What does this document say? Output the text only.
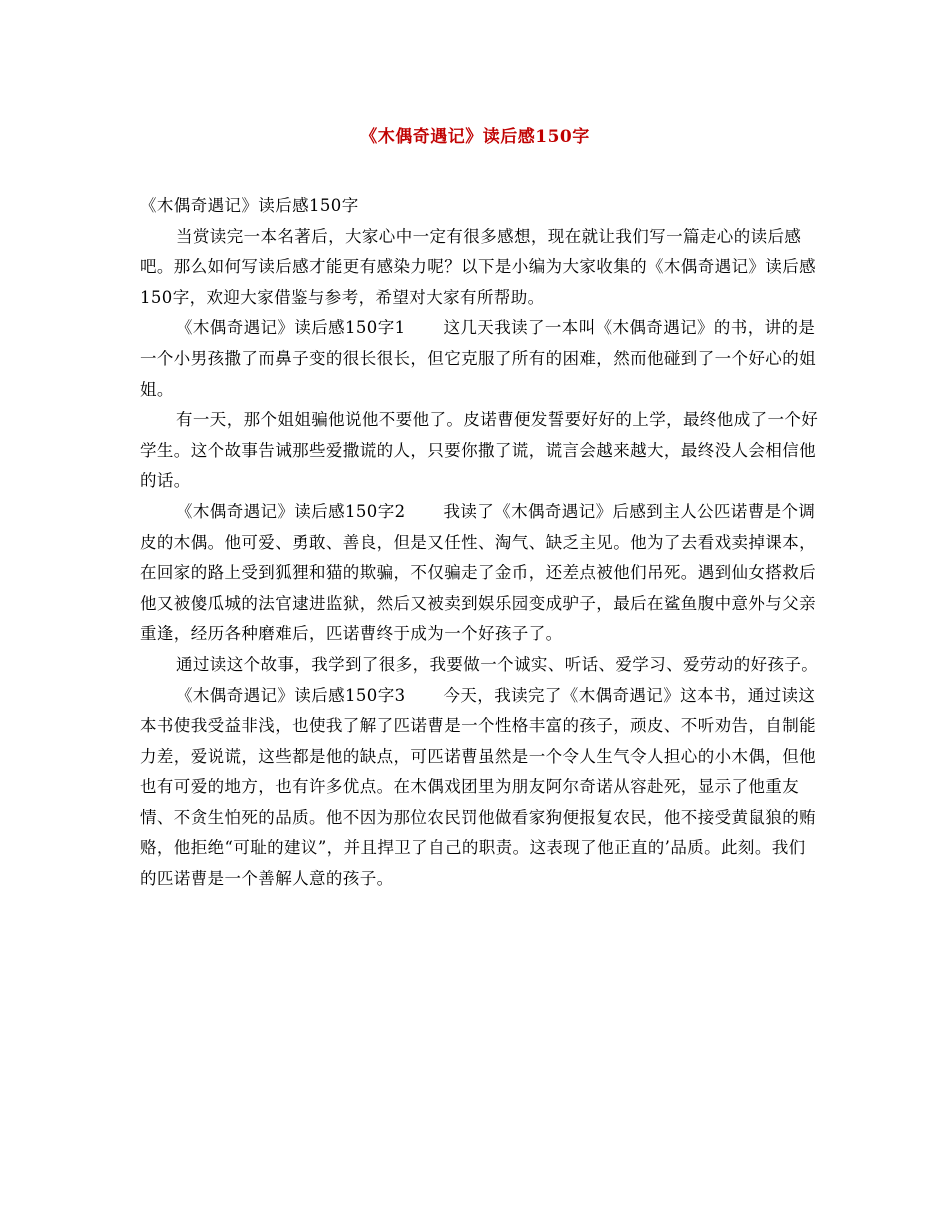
《木偶奇遇记》读后感150字

《木偶奇遇记》读后感150字

当赏读完一本名著后，大家心中一定有很多感想，现在就让我们写一篇走心的读后感吧。那么如何写读后感才能更有感染力呢？以下是小编为大家收集的《木偶奇遇记》读后感150字，欢迎大家借鉴与参考，希望对大家有所帮助。

《木偶奇遇记》读后感150字1 这几天我读了一本叫《木偶奇遇记》的书，讲的是一个小男孩撒了而鼻子变的很长很长，但它克服了所有的困难，然而他碰到了一个好心的姐姐。

有一天，那个姐姐骗他说他不要他了。皮诺曹便发誓要好好的上学，最终他成了一个好学生。这个故事告诫那些爱撒谎的人，只要你撒了谎，谎言会越来越大，最终没人会相信他的话。

《木偶奇遇记》读后感150字2 我读了《木偶奇遇记》后感到主人公匹诺曹是个调皮的木偶。他可爱、勇敢、善良，但是又任性、淘气、缺乏主见。他为了去看戏卖掉课本，在回家的路上受到狐狸和猫的欺骗，不仅骗走了金币，还差点被他们吊死。遇到仙女搭救后他又被傻瓜城的法官逮进监狱，然后又被卖到娱乐园变成驴子，最后在鲨鱼腹中意外与父亲重逢，经历各种磨难后，匹诺曹终于成为一个好孩子了。

通过读这个故事，我学到了很多，我要做一个诚实、听话、爱学习、爱劳动的好孩子。

《木偶奇遇记》读后感150字3 今天，我读完了《木偶奇遇记》这本书，通过读这本书使我受益非浅，也使我了解了匹诺曹是一个性格丰富的孩子，顽皮、不听劝告，自制能力差，爱说谎，这些都是他的缺点，可匹诺曹虽然是一个令人生气令人担心的小木偶，但他也有可爱的地方，也有许多优点。在木偶戏团里为朋友阿尔奇诺从容赴死，显示了他重友情、不贪生怕死的品质。他不因为那位农民罚他做看家狗便报复农民，他不接受黄鼠狼的贿赂，他拒绝“可耻的建议”，并且捍卫了自己的职责。这表现了他正直的’品质。此刻。我们的匹诺曹是一个善解人意的孩子。
